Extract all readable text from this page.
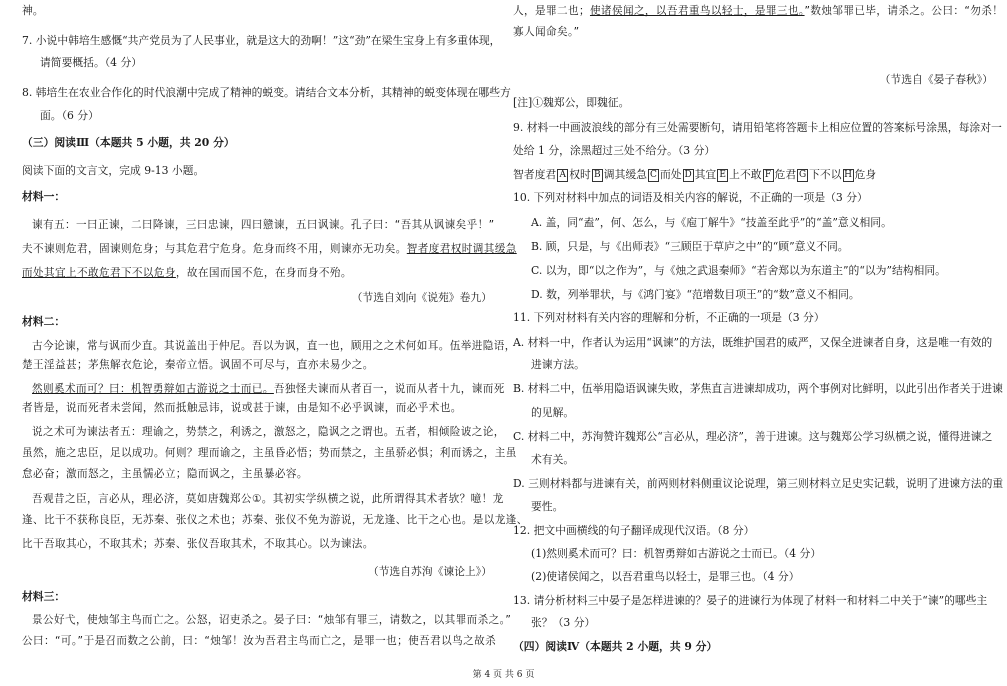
神。
7. 小说中韩培生感慨“共产党员为了人民事业，就是这大的劲啊！”这“劲”在梁生宝身上有多重体现，
请简要概括。（4 分）
8. 韩培生在农业合作化的时代浪潮中完成了精神的蜕变。请结合文本分析，其精神的蜕变体现在哪些方
面。（6 分）
（三）阅读Ⅲ（本题共 5 小题，共 20 分）
阅读下面的文言文，完成 9-13 小题。
材料一：
谏有五：一曰正谏，二曰降谏，三曰忠谏，四曰戆谏，五曰讽谏。孔子曰：“吾其从讽谏矣乎！”
夫不谏则危君，固谏则危身；与其危君宁危身。危身而终不用，则谏亦无功矣。智者度君权时调其缓急
而处其宜上不敢危君下不以危身，故在国而国不危，在身而身不殆。
（节选自刘向《说苑》卷九）
材料二：
古今论谏，常与讽而少直。其说盖出于仲尼。吾以为讽，直一也，顾用之之术何如耳。伍举进隐语，
楚王淫益甚；茅焦解衣危论，秦帝立悟。讽固不可尽与，直亦未易少之。
然则奚术而可？曰：机智勇辩如古游说之士而已。吾独怪夫谏而从者百一，说而从者十九，谏而死
者皆是，说而死者未尝闻，然而抵触忌讳，说或甚于谏，由是知不必乎讽谏，而必乎术也。
说之术可为谏法者五：理谕之，势禁之，利诱之，激怒之，隐讽之之谓也。五者，相倾险诐之论，
虽然，施之忠臣，足以成功。何则？理而谕之，主虽昏必悟；势而禁之，主虽骄必惧；利而诱之，主虽
怠必奋；激而怒之，主虽懦必立；隐而讽之，主虽暴必容。
吾观昔之臣，言必从，理必济，莫如唐魏郑公①。其初实学纵横之说，此所谓得其术者欤？噫！龙
逢、比干不获称良臣，无苏秦、张仪之术也；苏秦、张仪不免为游说，无龙逢、比干之心也。是以龙逢、
比干吾取其心，不取其术；苏秦、张仪吾取其术，不取其心。以为谏法。
（节选自苏洵《谏论上》）
材料三：
景公好弋，使烛邹主鸟而亡之。公怒，诏吏杀之。晏子曰：“烛邹有罪三，请数之，以其罪而杀之。”
公曰：“可。”于是召而数之公前，曰：“烛邹！汝为吾君主鸟而亡之，是罪一也；使吾君以鸟之故杀
人，是罪二也；使诸侯闻之，以吾君重鸟以轻士，是罪三也。”数烛邹罪已毕，请杀之。公曰：“勿杀！
寡人闻命矣。”
（节选自《晏子春秋》）
[注]①魏郑公，即魏征。
9. 材料一中画波浪线的部分有三处需要断句，请用铅笔将答题卡上相应位置的答案标号涂黑，每涂对一
处给 1 分，涂黑超过三处不给分。（3 分）
智者度君 A 权时 B 调其缓急 C 而处 D 其宜 E 上不敢 F 危君 G 下不以 H 危身
10. 下列对材料中加点的词语及相关内容的解说，不正确的一项是（3 分）
A. 盖，同“盍”，何、怎么，与《庖丁解牛》“技盖至此乎”的“盖”意义相同。
B. 顾，只是，与《出师表》“三顾臣于草庐之中”的“顾”意义不同。
C. 以为，即“以之作为”，与《烛之武退秦师》“若舍郑以为东道主”的“以为”结构相同。
D. 数，列举罪状，与《鸿门宴》“范增数目项王”的“数”意义不相同。
11. 下列对材料有关内容的理解和分析，不正确的一项是（3 分）
A. 材料一中，作者认为运用“讽谏”的方法，既维护国君的威严，又保全进谏者自身，这是唯一有效的
进谏方法。
B. 材料二中，伍举用隐语讽谏失败，茅焦直言进谏却成功，两个事例对比鲜明，以此引出作者关于进谏
的见解。
C. 材料二中，苏洵赞许魏郑公“言必从，理必济”，善于进谏。这与魏郑公学习纵横之说，懂得进谏之
术有关。
D. 三则材料都与进谏有关，前两则材料侧重议论说理，第三则材料立足史实记载，说明了进谏方法的重
要性。
12. 把文中画横线的句子翻译成现代汉语。（8 分）
(1)然则奚术而可？曰：机智勇辩如古游说之士而已。（4 分）
(2)使诸侯闻之，以吾君重鸟以轻士，是罪三也。（4 分）
13. 请分析材料三中晏子是怎样进谏的？晏子的进谏行为体现了材料一和材料二中关于“谏”的哪些主
张？（3 分）
（四）阅读Ⅳ（本题共 2 小题，共 9 分）
第 4 页 共 6 页
